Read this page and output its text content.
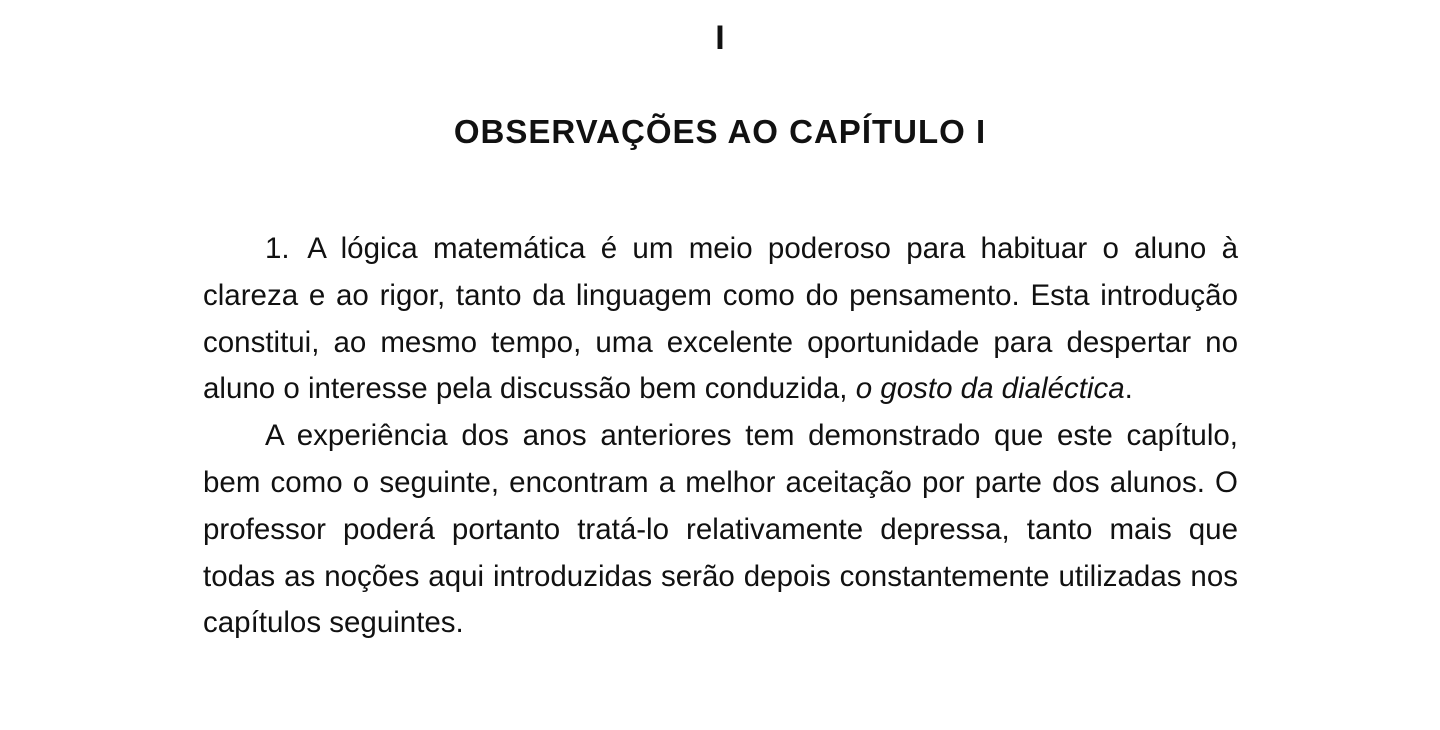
I
OBSERVAÇÕES AO CAPÍTULO I

1. A lógica matemática é um meio poderoso para habituar o aluno à clareza e ao rigor, tanto da linguagem como do pensamento. Esta introdução constitui, ao mesmo tempo, uma excelente oportunidade para despertar no aluno o interesse pela discussão bem conduzida, o gosto da dialéctica.

A experiência dos anos anteriores tem demonstrado que este capítulo, bem como o seguinte, encontram a melhor aceitação por parte dos alunos. O professor poderá portanto tratá-lo relativamente depressa, tanto mais que todas as noções aqui introduzidas serão depois constantemente utilizadas nos capítulos seguintes.
